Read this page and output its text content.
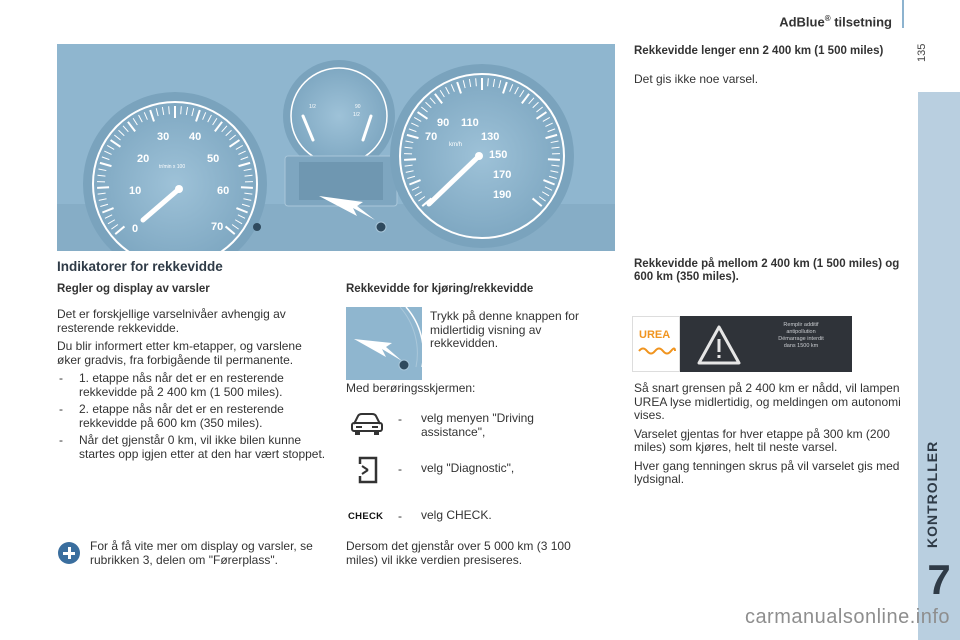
AdBlue® tilsetning
135
KONTROLLER
7
10
0
20
30 40
50
60
70
tr/min x 100
1/2	90
1/2
70
90 110
130
150
170
190
km/h
Indikatorer for rekkevidde
Regler og display av varsler

Det er forskjellige varselnivåer avhengig av resterende rekkevidde.

Du blir informert etter km-etapper, og varslene øker gradvis, fra forbigående til permanente.

- 1. etappe nås når det er en resterende rekkevidde på 2 400 km (1 500 miles).
- 2. etappe nås når det er en resterende rekkevidde på 600 km (350 miles).
- Når det gjenstår 0 km, vil ikke bilen kunne startes opp igjen etter at den har vært stoppet.
For å få vite mer om display og varsler, se rubrikken 3, delen om "Førerplass".
Rekkevidde for kjøring/rekkevidde
Trykk på denne knappen for midlertidig visning av rekkevidden.
Med berøringsskjermen:
- velg menyen "Driving assistance",
- velg "Diagnostic",
CHECK - velg CHECK.
Dersom det gjenstår over 5 000 km (3 100 miles) vil ikke verdien presiseres.
Rekkevidde lenger enn 2 400 km (1 500 miles)
Det gis ikke noe varsel.
Rekkevidde på mellom 2 400 km (1 500 miles) og 600 km (350 miles).
UREA
Remplir additif
antipollution
Démarrage interdit
dans 1500 km

Så snart grensen på 2 400 km er nådd, vil lampen UREA lyse midlertidig, og meldingen om autonomi vises.

Varselet gjentas for hver etappe på 300 km (200 miles) som kjøres, helt til neste varsel.

Hver gang tenningen skrus på vil varselet gis med lydsignal.

carmanualsonline.info
